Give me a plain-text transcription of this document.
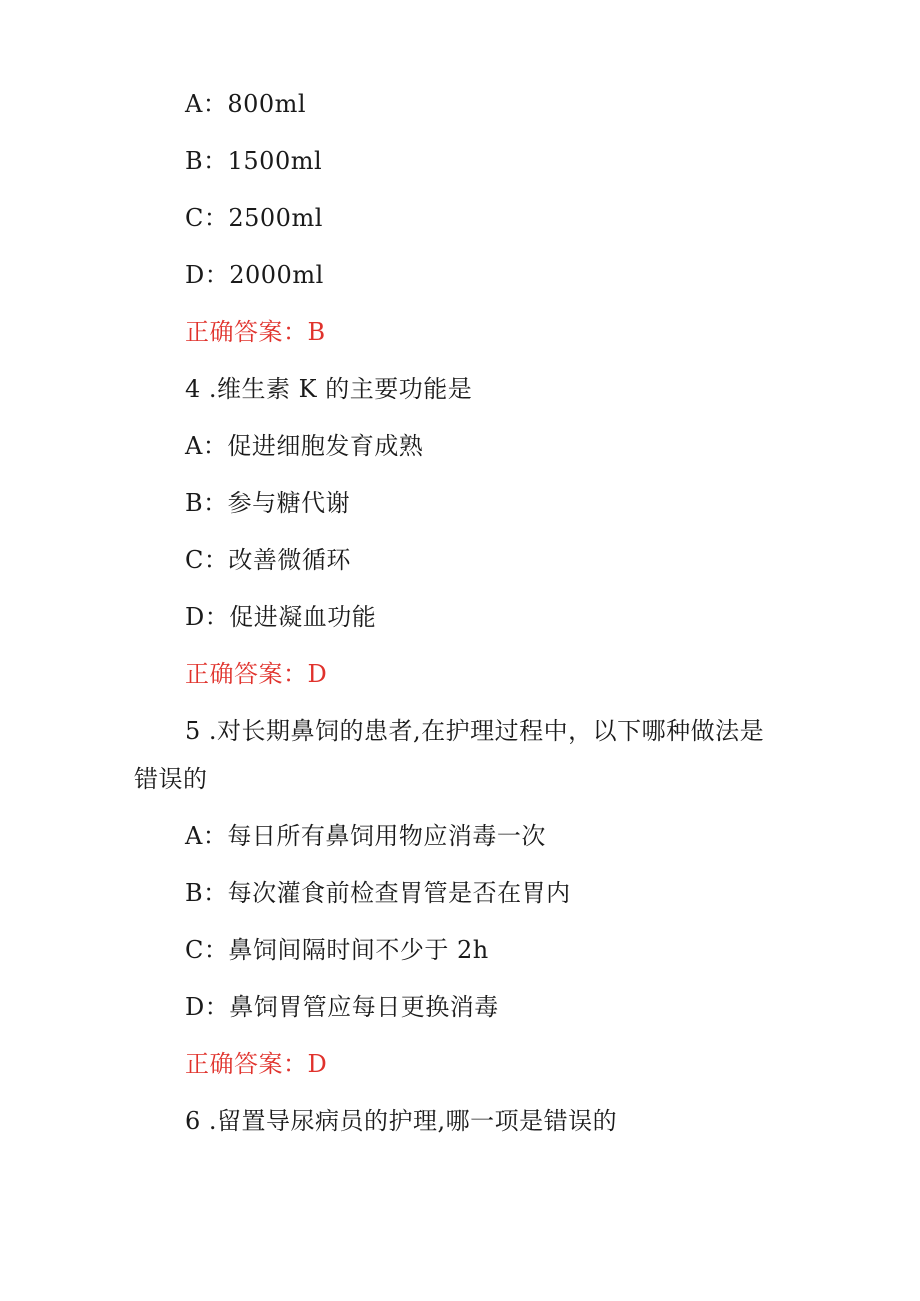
A：800ml
B：1500ml
C：2500ml
D：2000ml
正确答案：B
4 .维生素 K 的主要功能是
A：促进细胞发育成熟
B：参与糖代谢
C：改善微循环
D：促进凝血功能
正确答案：D
5 .对长期鼻饲的患者,在护理过程中，以下哪种做法是
错误的
A：每日所有鼻饲用物应消毒一次
B：每次灌食前检查胃管是否在胃内
C：鼻饲间隔时间不少于 2h
D：鼻饲胃管应每日更换消毒
正确答案：D
6 .留置导尿病员的护理,哪一项是错误的
